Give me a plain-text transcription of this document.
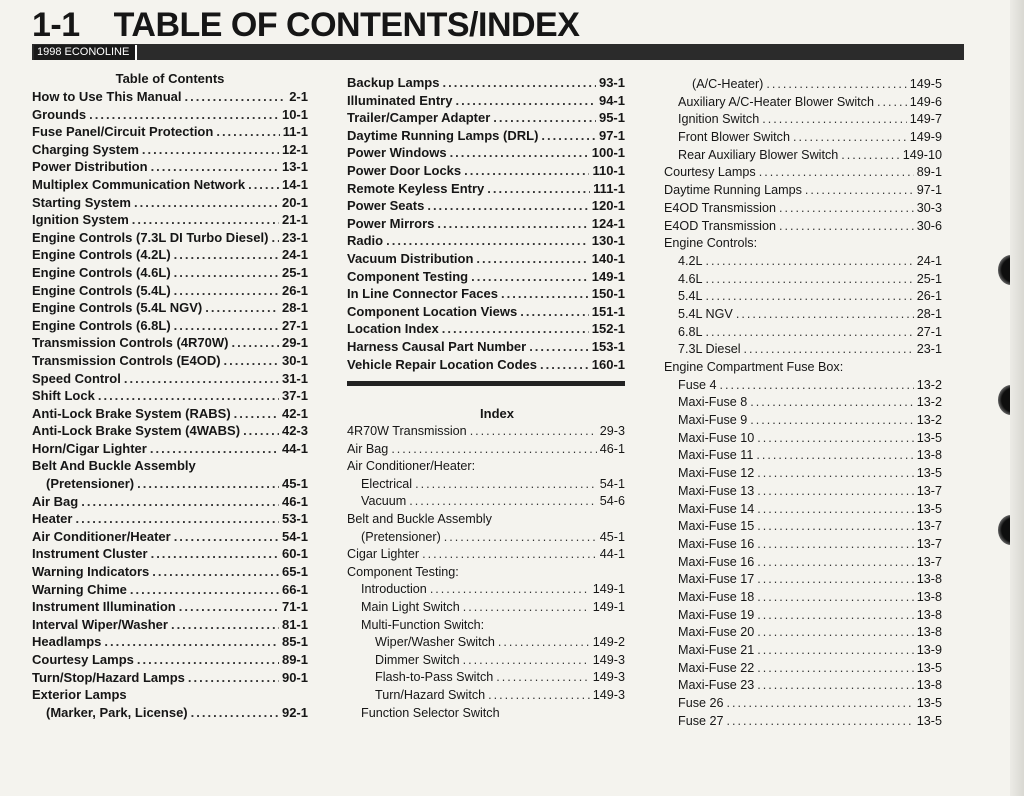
1-1 TABLE OF CONTENTS/INDEX
1998 ECONOLINE
Table of Contents
How to Use This Manual .....	2-1
Grounds .....	10-1
Fuse Panel/Circuit Protection .....	11-1
Charging System .....	12-1
Power Distribution .....	13-1
Multiplex Communication Network .....	14-1
Starting System .....	20-1
Ignition System .....	21-1
Engine Controls (7.3L DI Turbo Diesel) ..... 23-1
Engine Controls (4.2L) .....	24-1
Engine Controls (4.6L) .....	25-1
Engine Controls (5.4L) .....	26-1
Engine Controls (5.4L NGV) .....	28-1
Engine Controls (6.8L) .....	27-1
Transmission Controls (4R70W) .....	29-1
Transmission Controls (E4OD) .....	30-1
Speed Control .....	31-1
Shift Lock .....	37-1
Anti-Lock Brake System (RABS) .....	42-1
Anti-Lock Brake System (4WABS) .....	42-3
Horn/Cigar Lighter .....	44-1
Belt And Buckle Assembly
(Pretensioner) .....	45-1
Air Bag .....	46-1
Heater .....	53-1
Air Conditioner/Heater .....	54-1
Instrument Cluster .....	60-1
Warning Indicators .....	65-1
Warning Chime .....	66-1
Instrument Illumination .....	71-1
Interval Wiper/Washer .....	81-1
Headlamps .....	85-1
Courtesy Lamps .....	89-1
Turn/Stop/Hazard Lamps .....	90-1
Exterior Lamps
(Marker, Park, License) .....	92-1
Backup Lamps .....	93-1
Illuminated Entry .....	94-1
Trailer/Camper Adapter .....	95-1
Daytime Running Lamps (DRL) .....	97-1
Power Windows .....	100-1
Power Door Locks .....	110-1
Remote Keyless Entry .....	111-1
Power Seats .....	120-1
Power Mirrors .....	124-1
Radio .....	130-1
Vacuum Distribution .....	140-1
Component Testing .....	149-1
In Line Connector Faces .....	150-1
Component Location Views .....	151-1
Location Index .....	152-1
Harness Causal Part Number .....	153-1
Vehicle Repair Location Codes .....	160-1
Index
4R70W Transmission .....	29-3
Air Bag .....	46-1
Air Conditioner/Heater:
Electrical .....	54-1
Vacuum .....	54-6
Belt and Buckle Assembly
(Pretensioner) .....	45-1
Cigar Lighter .....	44-1
Component Testing:
Introduction .....	149-1
Main Light Switch .....	149-1
Multi-Function Switch:
Wiper/Washer Switch .....	149-2
Dimmer Switch .....	149-3
Flash-to-Pass Switch .....	149-3
Turn/Hazard Switch .....	149-3
Function Selector Switch
(A/C-Heater) .....	149-5
Auxiliary A/C-Heater Blower Switch .....	149-6
Ignition Switch .....	149-7
Front Blower Switch .....	149-9
Rear Auxiliary Blower Switch .....	149-10
Courtesy Lamps .....	89-1
Daytime Running Lamps .....	97-1
E4OD Transmission .....	30-3
E4OD Transmission .....	30-6
Engine Controls:
4.2L .....	24-1
4.6L .....	25-1
5.4L .....	26-1
5.4L NGV .....	28-1
6.8L .....	27-1
7.3L Diesel .....	23-1
Engine Compartment Fuse Box:
Fuse 4 .....	13-2
Maxi-Fuse 8 .....	13-2
Maxi-Fuse 9 .....	13-2
Maxi-Fuse 10 .....	13-5
Maxi-Fuse 11 .....	13-8
Maxi-Fuse 12 .....	13-5
Maxi-Fuse 13 .....	13-7
Maxi-Fuse 14 .....	13-5
Maxi-Fuse 15 .....	13-7
Maxi-Fuse 16 .....	13-7
Maxi-Fuse 16 .....	13-7
Maxi-Fuse 17 .....	13-8
Maxi-Fuse 18 .....	13-8
Maxi-Fuse 19 .....	13-8
Maxi-Fuse 20 .....	13-8
Maxi-Fuse 21 .....	13-9
Maxi-Fuse 22 .....	13-5
Maxi-Fuse 23 .....	13-8
Fuse 26 .....	13-5
Fuse 27 .....	13-5
